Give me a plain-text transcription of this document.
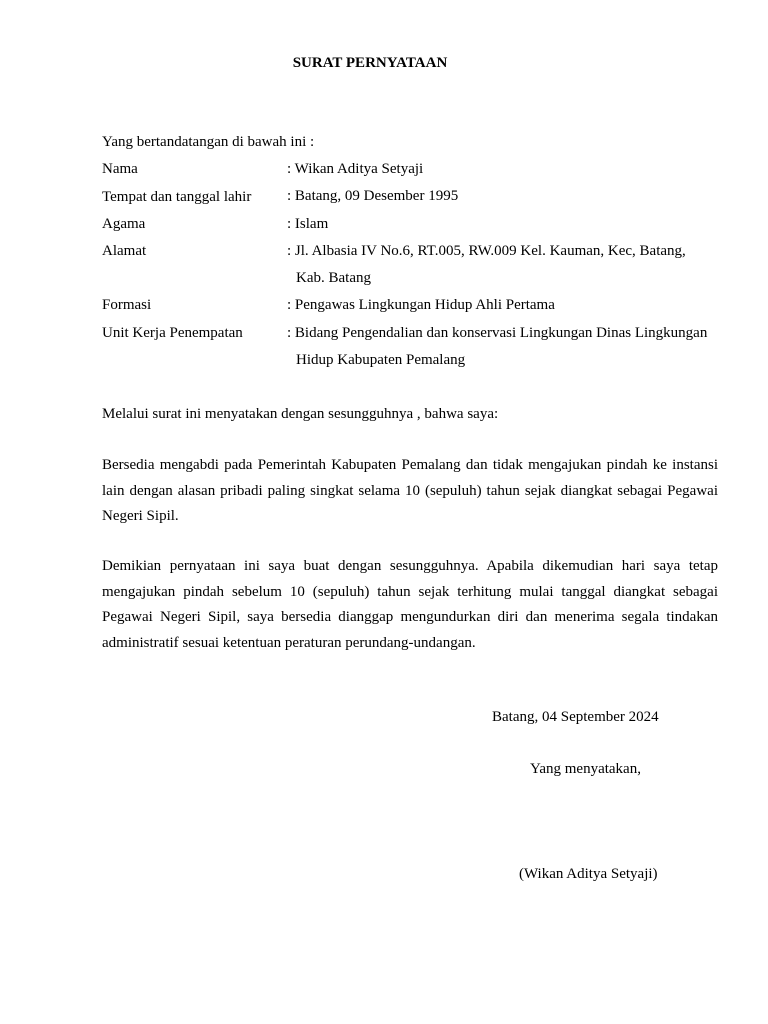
SURAT PERNYATAAN
Yang bertandatangan di bawah ini :
Nama	: Wikan Aditya Setyaji
Tempat dan tanggal lahir : Batang, 09 Desember 1995
Agama	: Islam
Alamat	: Jl. Albasia IV No.6, RT.005, RW.009 Kel. Kauman, Kec, Batang,
Kab. Batang
Formasi	: Pengawas Lingkungan Hidup Ahli Pertama
Unit Kerja Penempatan	: Bidang Pengendalian dan konservasi Lingkungan Dinas Lingkungan
Hidup Kabupaten Pemalang
Melalui surat ini menyatakan dengan sesungguhnya , bahwa saya:
Bersedia mengabdi pada Pemerintah Kabupaten Pemalang dan tidak mengajukan pindah ke instansi lain dengan alasan pribadi paling singkat selama 10 (sepuluh) tahun sejak diangkat sebagai Pegawai Negeri Sipil.
Demikian pernyataan ini saya buat dengan sesungguhnya. Apabila dikemudian hari saya tetap mengajukan pindah sebelum 10 (sepuluh) tahun sejak terhitung mulai tanggal diangkat sebagai Pegawai Negeri Sipil, saya bersedia dianggap mengundurkan diri dan menerima segala tindakan administratif sesuai ketentuan peraturan perundang-undangan.
Batang, 04 September 2024
Yang menyatakan,
(Wikan Aditya Setyaji)
